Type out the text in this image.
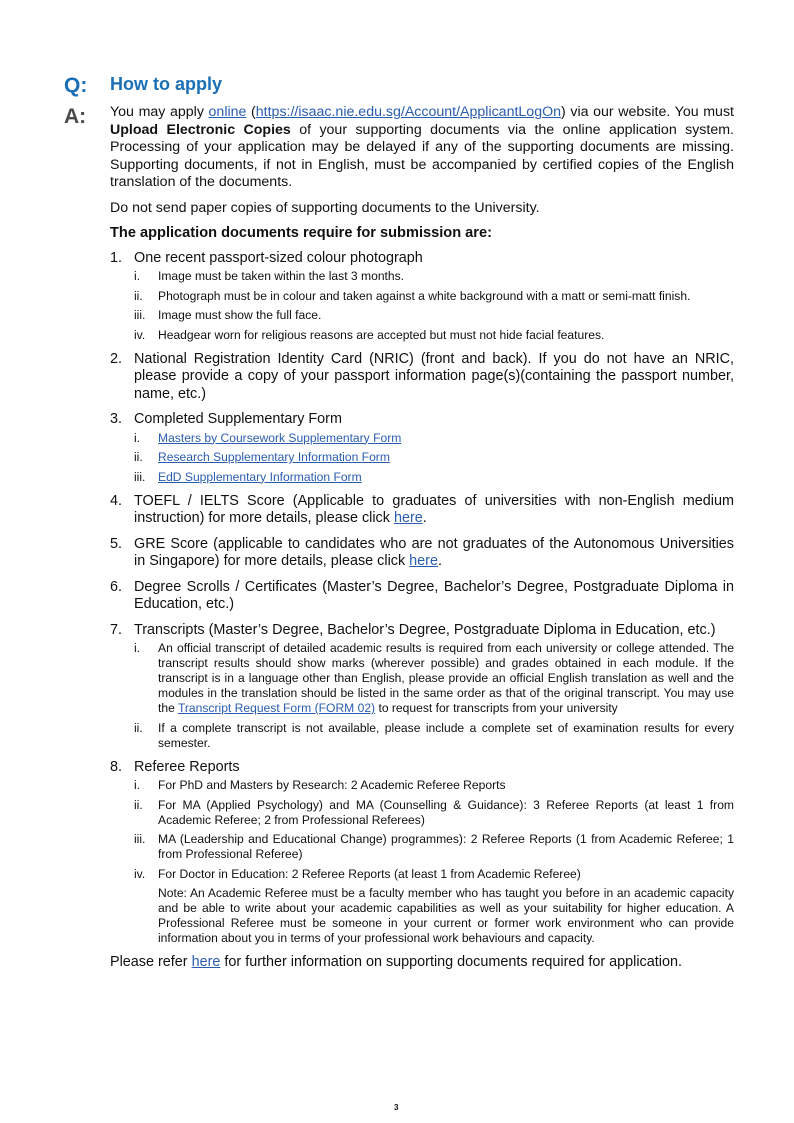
Q: How to apply
A: You may apply online (https://isaac.nie.edu.sg/Account/ApplicantLogOn) via our website. You must Upload Electronic Copies of your supporting documents via the online application system. Processing of your application may be delayed if any of the supporting documents are missing. Supporting documents, if not in English, must be accompanied by certified copies of the English translation of the documents.

Do not send paper copies of supporting documents to the University.

The application documents require for submission are:

1. One recent passport-sized colour photograph
i. Image must be taken within the last 3 months.
ii. Photograph must be in colour and taken against a white background with a matt or semi-matt finish.
iii. Image must show the full face.
iv. Headgear worn for religious reasons are accepted but must not hide facial features.
2. National Registration Identity Card (NRIC) (front and back). If you do not have an NRIC, please provide a copy of your passport information page(s)(containing the passport number, name, etc.)
3. Completed Supplementary Form
i. Masters by Coursework Supplementary Form
ii. Research Supplementary Information Form
iii. EdD Supplementary Information Form
4. TOEFL / IELTS Score (Applicable to graduates of universities with non-English medium instruction) for more details, please click here.
5. GRE Score (applicable to candidates who are not graduates of the Autonomous Universities in Singapore) for more details, please click here.
6. Degree Scrolls / Certificates (Master’s Degree, Bachelor’s Degree, Postgraduate Diploma in Education, etc.)
7. Transcripts (Master’s Degree, Bachelor’s Degree, Postgraduate Diploma in Education, etc.)
i. An official transcript of detailed academic results is required from each university or college attended. The transcript results should show marks (wherever possible) and grades obtained in each module. If the transcript is in a language other than English, please provide an official English translation as well and the modules in the translation should be listed in the same order as that of the original transcript. You may use the Transcript Request Form (FORM 02) to request for transcripts from your university
ii. If a complete transcript is not available, please include a complete set of examination results for every semester.
8. Referee Reports
i. For PhD and Masters by Research: 2 Academic Referee Reports
ii. For MA (Applied Psychology) and MA (Counselling & Guidance): 3 Referee Reports (at least 1 from Academic Referee; 2 from Professional Referees)
iii. MA (Leadership and Educational Change) programmes): 2 Referee Reports (1 from Academic Referee; 1 from Professional Referee)
iv. For Doctor in Education: 2 Referee Reports (at least 1 from Academic Referee)
Note: An Academic Referee must be a faculty member who has taught you before in an academic capacity and be able to write about your academic capabilities as well as your suitability for higher education. A Professional Referee must be someone in your current or former work environment who can provide information about you in terms of your professional work behaviours and capacity.

Please refer here for further information on supporting documents required for application.

3
